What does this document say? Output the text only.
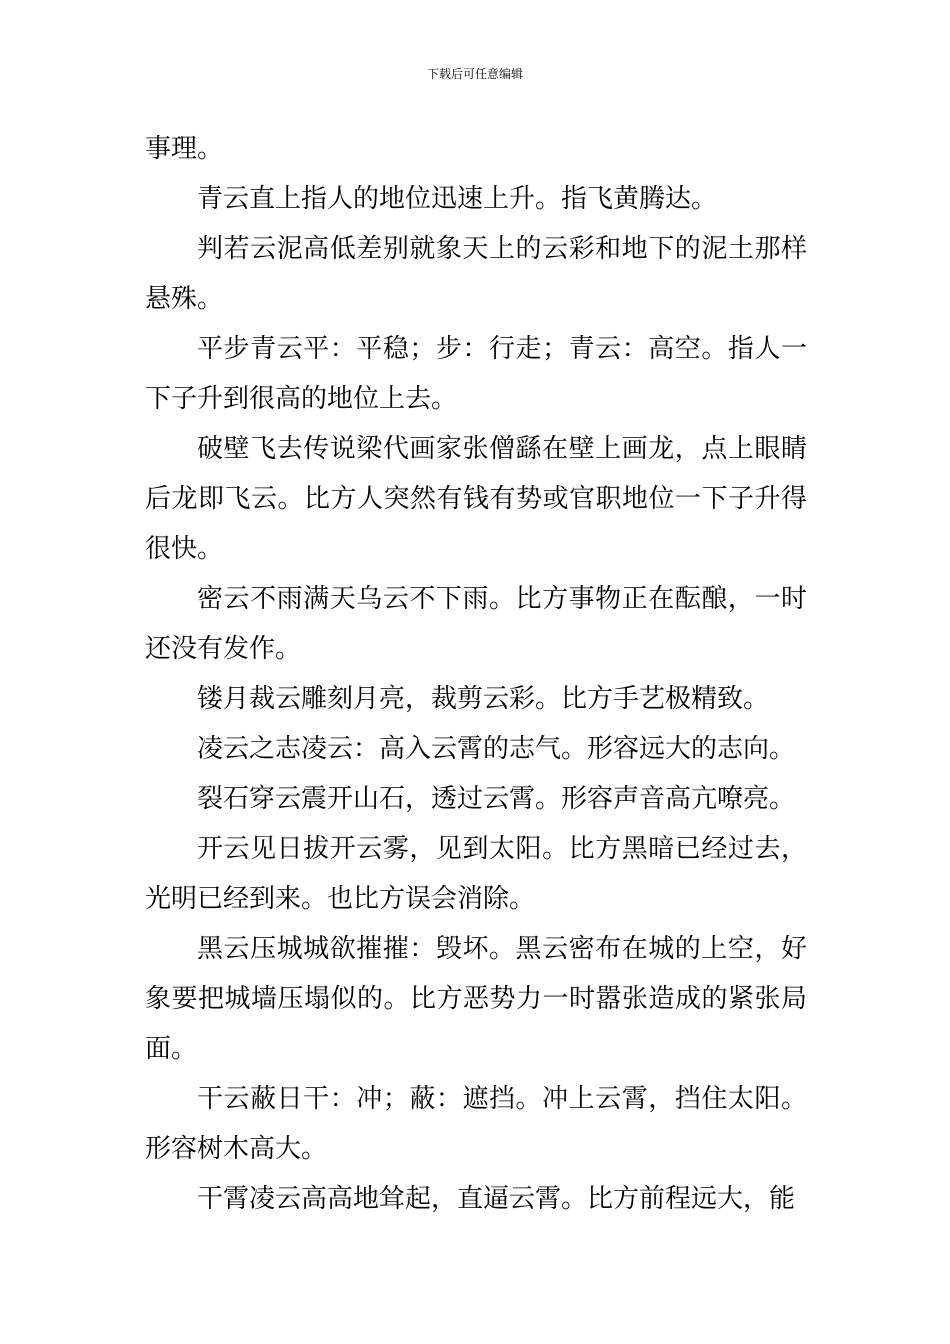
下载后可任意编辑

事理。

青云直上指人的地位迅速上升。指飞黄腾达。

判若云泥高低差别就象天上的云彩和地下的泥土那样悬殊。

平步青云平：平稳；步：行走；青云：高空。指人一下子升到很高的地位上去。

破壁飞去传说梁代画家张僧繇在壁上画龙，点上眼睛后龙即飞云。比方人突然有钱有势或官职地位一下子升得很快。

密云不雨满天乌云不下雨。比方事物正在酝酿，一时还没有发作。

镂月裁云雕刻月亮，裁剪云彩。比方手艺极精致。

凌云之志凌云：高入云霄的志气。形容远大的志向。

裂石穿云震开山石，透过云霄。形容声音高亢嘹亮。

开云见日拔开云雾，见到太阳。比方黑暗已经过去，光明已经到来。也比方误会消除。

黑云压城城欲摧摧：毁坏。黑云密布在城的上空，好象要把城墙压塌似的。比方恶势力一时嚣张造成的紧张局面。

干云蔽日干：冲；蔽：遮挡。冲上云霄，挡住太阳。形容树木高大。

干霄凌云高高地耸起，直逼云霄。比方前程远大，能
